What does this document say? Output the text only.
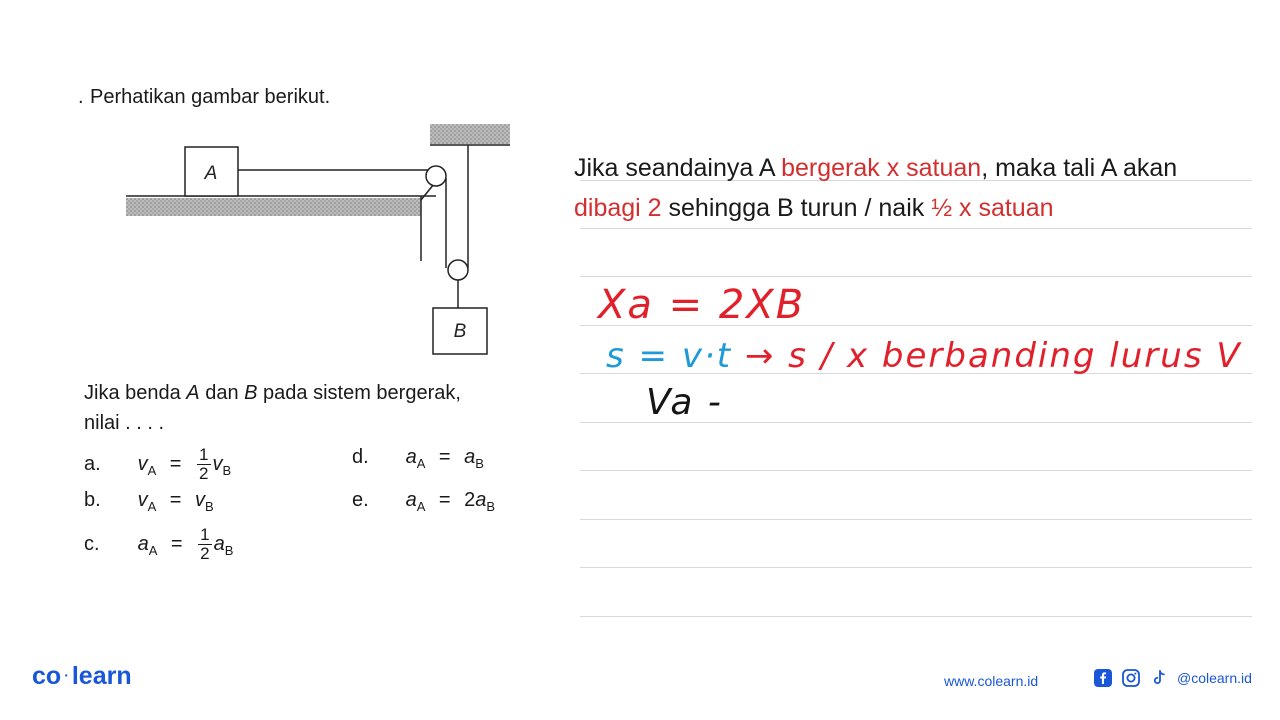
. Perhatikan gambar berikut.
A
B
Jika benda A dan B pada sistem bergerak,
nilai . . . .
a. $v_A = \frac{1}{2} v_B$
b. $v_A = v_B$
c. $a_A = \frac{1}{2} a_B$
d. $a_A = a_B$
e. $a_A = 2a_B$
Jika seandainya A bergerak x satuan, maka tali A akan dibagi 2 sehingga B turun / naik ½ x satuan
Xa = 2XB
s = v·t → s / x berbanding lurus V
Va -
co · learn	www.colearn.id	@colearn.id
